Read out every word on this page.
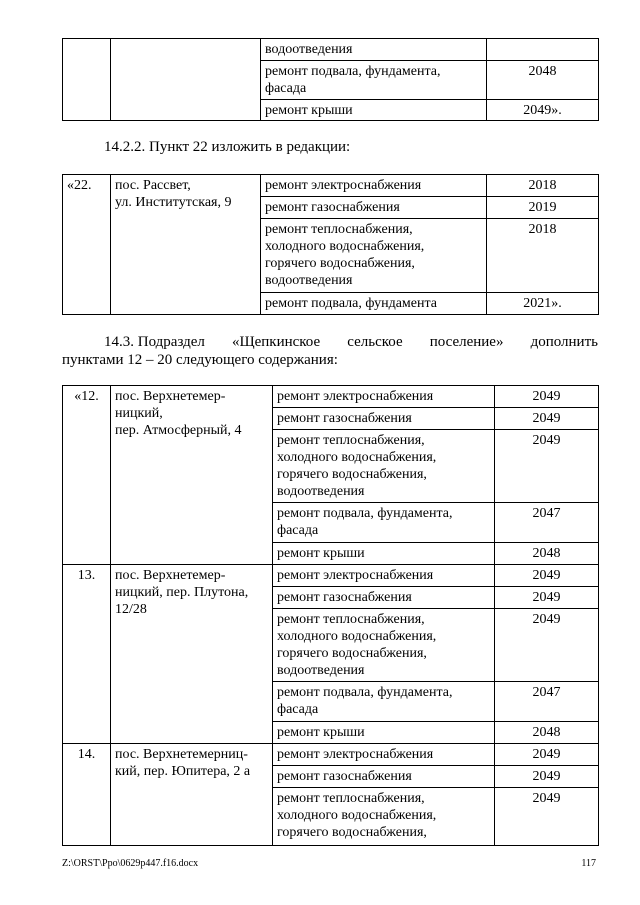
		водоотведения	
		ремонт подвала, фундамента,
фасада	2048
		ремонт крыши	2049».
14.2.2. Пункт 22 изложить в редакции:
«22.	пос. Рассвет,
ул. Институтская, 9	ремонт электроснабжения	2018
		ремонт газоснабжения	2019
		ремонт теплоснабжения,
холодного водоснабжения,
горячего водоснабжения,
водоотведения	2018
		ремонт подвала, фундамента	2021».
14.3. Подраздел «Щепкинское сельское поселение» дополнить
пунктами 12 – 20 следующего содержания:
«12.	пос. Верхнетемер-
ницкий,
пер. Атмосферный, 4	ремонт электроснабжения	2049
		ремонт газоснабжения	2049
		ремонт теплоснабжения,
холодного водоснабжения,
горячего водоснабжения,
водоотведения	2049
		ремонт подвала, фундамента,
фасада	2047
		ремонт крыши	2048
13.	пос. Верхнетемер-
ницкий, пер. Плутона,
12/28	ремонт электроснабжения	2049
		ремонт газоснабжения	2049
		ремонт теплоснабжения,
холодного водоснабжения,
горячего водоснабжения,
водоотведения	2049
		ремонт подвала, фундамента,
фасада	2047
		ремонт крыши	2048
14.	пос. Верхнетемерниц-
кий, пер. Юпитера, 2 а	ремонт электроснабжения	2049
		ремонт газоснабжения	2049
		ремонт теплоснабжения,
холодного водоснабжения,
горячего водоснабжения,	2049
Z:\ORST\Ppo\0629p447.f16.docx	117
